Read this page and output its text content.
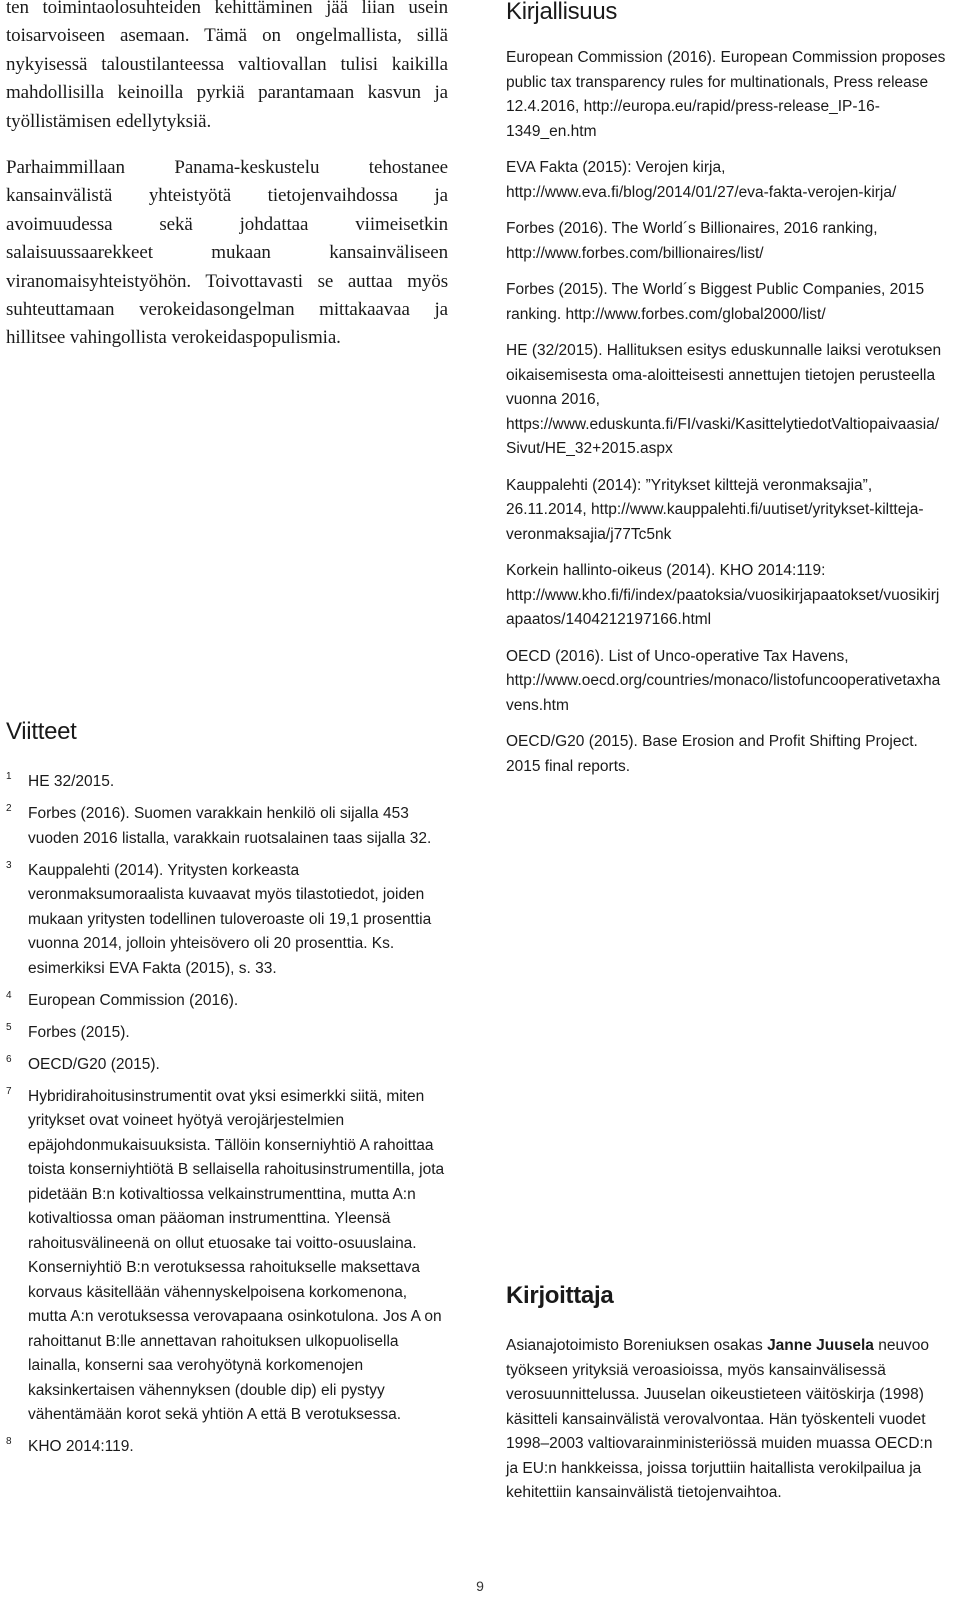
ten toimintaolosuhteiden kehittäminen jää liian usein toisarvoiseen asemaan. Tämä on ongelmallista, sillä nykyisessä taloustilanteessa valtiovallan tulisi kaikilla mahdollisilla keinoilla pyrkiä parantamaan kasvun ja työllistämisen edellytyksiä.

Parhaimmillaan Panama-keskustelu tehostanee kansainvälistä yhteistyötä tietojenvaihdossa ja avoimuudessa sekä johdattaa viimeisetkin salaisuussaarekkeet mukaan kansainväliseen viranomaisyhteistyöhön. Toivottavasti se auttaa myös suhteuttamaan verokeidasongelman mittakaavaa ja hillitsee vahingollista verokeidaspopulismia.

Viitteet
1 HE 32/2015.
2 Forbes (2016). Suomen varakkain henkilö oli sijalla 453 vuoden 2016 listalla, varakkain ruotsalainen taas sijalla 32.
3 Kauppalehti (2014). Yritysten korkeasta veronmaksumoraalista kuvaavat myös tilastotiedot, joiden mukaan yritysten todellinen tuloveroaste oli 19,1 prosenttia vuonna 2014, jolloin yhteisövero oli 20 prosenttia. Ks. esimerkiksi EVA Fakta (2015), s. 33.
4 European Commission (2016).
5 Forbes (2015).
6 OECD/G20 (2015).
7 Hybridirahoitusinstrumentit ovat yksi esimerkki siitä, miten yritykset ovat voineet hyötyä verojärjestelmien epäjohdonmukaisuuksista. Tällöin konserniyhtiö A rahoittaa toista konserniyhtiötä B sellaisella rahoitusinstrumentilla, jota pidetään B:n kotivaltiossa velkainstrumenttina, mutta A:n kotivaltiossa oman pääoman instrumenttina. Yleensä rahoitusvälineenä on ollut etuosake tai voitto-osuuslaina. Konserniyhtiö B:n verotuksessa rahoitukselle maksettava korvaus käsitellään vähennyskelpoisena korkomenona, mutta A:n verotuksessa verovapaana osinkotulona. Jos A on rahoittanut B:lle annettavan rahoituksen ulkopuolisella lainalla, konserni saa verohyötynä korkomenojen kaksinkertaisen vähennyksen (double dip) eli pystyy vähentämään korot sekä yhtiön A että B verotuksessa.
8 KHO 2014:119.
Kirjallisuus
European Commission (2016). European Commission proposes public tax transparency rules for multinationals, Press release 12.4.2016, http://europa.eu/rapid/press-release_IP-16-1349_en.htm
EVA Fakta (2015): Verojen kirja, http://www.eva.fi/blog/2014/01/27/eva-fakta-verojen-kirja/
Forbes (2016). The World´s Billionaires, 2016 ranking, http://www.forbes.com/billionaires/list/
Forbes (2015). The World´s Biggest Public Companies, 2015 ranking. http://www.forbes.com/global2000/list/
HE (32/2015). Hallituksen esitys eduskunnalle laiksi verotuksen oikaisemisesta oma-aloitteisesti annettujen tietojen perusteella vuonna 2016, https://www.eduskunta.fi/FI/vaski/KasittelytiedotValtiopaivaasia/Sivut/HE_32+2015.aspx
Kauppalehti (2014): ”Yritykset kilttejä veronmaksajia”, 26.11.2014, http://www.kauppalehti.fi/uutiset/yritykset-kiltteja-veronmaksajia/j77Tc5nk
Korkein hallinto-oikeus (2014). KHO 2014:119: http://www.kho.fi/fi/index/paatoksia/vuosikirjapaatokset/vuosikirjapaatos/1404212197166.html
OECD (2016). List of Unco-operative Tax Havens, http://www.oecd.org/countries/monaco/listofuncooperativetaxhavens.htm
OECD/G20 (2015). Base Erosion and Profit Shifting Project. 2015 final reports.
Kirjoittaja

Asianajotoimisto Boreniuksen osakas Janne Juusela neuvoo työkseen yrityksiä veroasioissa, myös kansainvälisessä verosuunnittelussa. Juuselan oikeustieteen väitöskirja (1998) käsitteli kansainvälistä verovalvontaa. Hän työskenteli vuodet 1998–2003 valtiovarainministeriössä muiden muassa OECD:n ja EU:n hankkeissa, joissa torjuttiin haitallista verokilpailua ja kehitettiin kansainvälistä tietojenvaihtoa.

9
